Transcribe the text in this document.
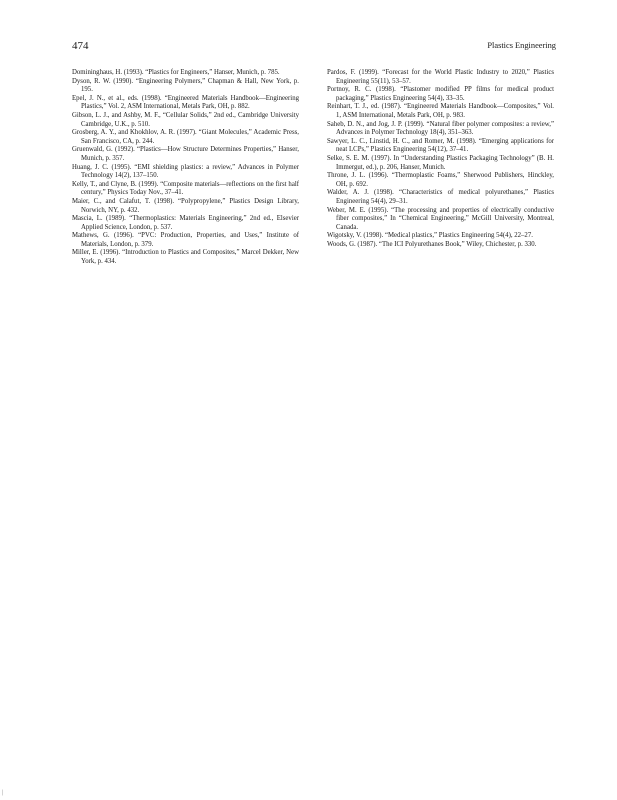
474	Plastics Engineering

Domininghaus, H. (1993). “Plastics for Engineers,” Hanser, Munich, p. 785.

Dyson, R. W. (1990). “Engineering Polymers,” Chapman & Hall, New York, p. 195.

Epel, J. N., et al., eds. (1998). “Engineered Materials Handbook—Engineering Plastics,” Vol. 2, ASM International, Metals Park, OH, p. 882.

Gibson, L. J., and Ashby, M. F., “Cellular Solids,” 2nd ed., Cambridge University Cambridge, U.K., p. 510.

Grosberg, A. Y., and Khokhlov, A. R. (1997). “Giant Molecules,” Academic Press, San Francisco, CA, p. 244.

Gruenwald, G. (1992). “Plastics—How Structure Determines Properties,” Hanser, Munich, p. 357.

Huang, J. C. (1995). “EMI shielding plastics: a review,” Advances in Polymer Technology 14(2), 137–150.

Kelly, T., and Clyne, B. (1999). “Composite materials—reflections on the first half century,” Physics Today Nov., 37–41.

Maier, C., and Calafut, T. (1998). “Polypropylene,” Plastics Design Library, Norwich, NY, p. 432.

Mascia, L. (1989). “Thermoplastics: Materials Engineering,” 2nd ed., Elsevier Applied Science, London, p. 537.

Mathews, G. (1996). “PVC: Production, Properties, and Uses,” Institute of Materials, London, p. 379.

Miller, E. (1996). “Introduction to Plastics and Composites,” Marcel Dekker, New York, p. 434.

Pardos, F. (1999). “Forecast for the World Plastic Industry to 2020,” Plastics Engineering 55(11), 53–57.

Portnoy, R. C. (1998). “Plastomer modified PP films for medical product packaging,” Plastics Engineering 54(4), 33–35.

Reinhart, T. J., ed. (1987). “Engineered Materials Handbook—Composites,” Vol. 1, ASM International, Metals Park, OH, p. 983.

Saheb, D. N., and Jog, J. P. (1999). “Natural fiber polymer composites: a review,” Advances in Polymer Technology 18(4), 351–363.

Sawyer, L. C., Linstid, H. C., and Romer, M. (1998). “Emerging applications for neat LCPs,” Plastics Engineering 54(12), 37–41.

Selke, S. E. M. (1997). In “Understanding Plastics Packaging Technology” (B. H. Immergut, ed.), p. 206, Hanser, Munich.

Throne, J. L. (1996). “Thermoplastic Foams,” Sherwood Publishers, Hinckley, OH, p. 692.

Walder, A. J. (1998). “Characteristics of medical polyurethanes,” Plastics Engineering 54(4), 29–31.

Weber, M. E. (1995). “The processing and properties of electrically conductive fiber composites,” In “Chemical Engineering,” McGill University, Montreal, Canada.

Wigotsky, V. (1998). “Medical plastics,” Plastics Engineering 54(4), 22–27.

Woods, G. (1987). “The ICI Polyurethanes Book,” Wiley, Chichester, p. 330.

|
